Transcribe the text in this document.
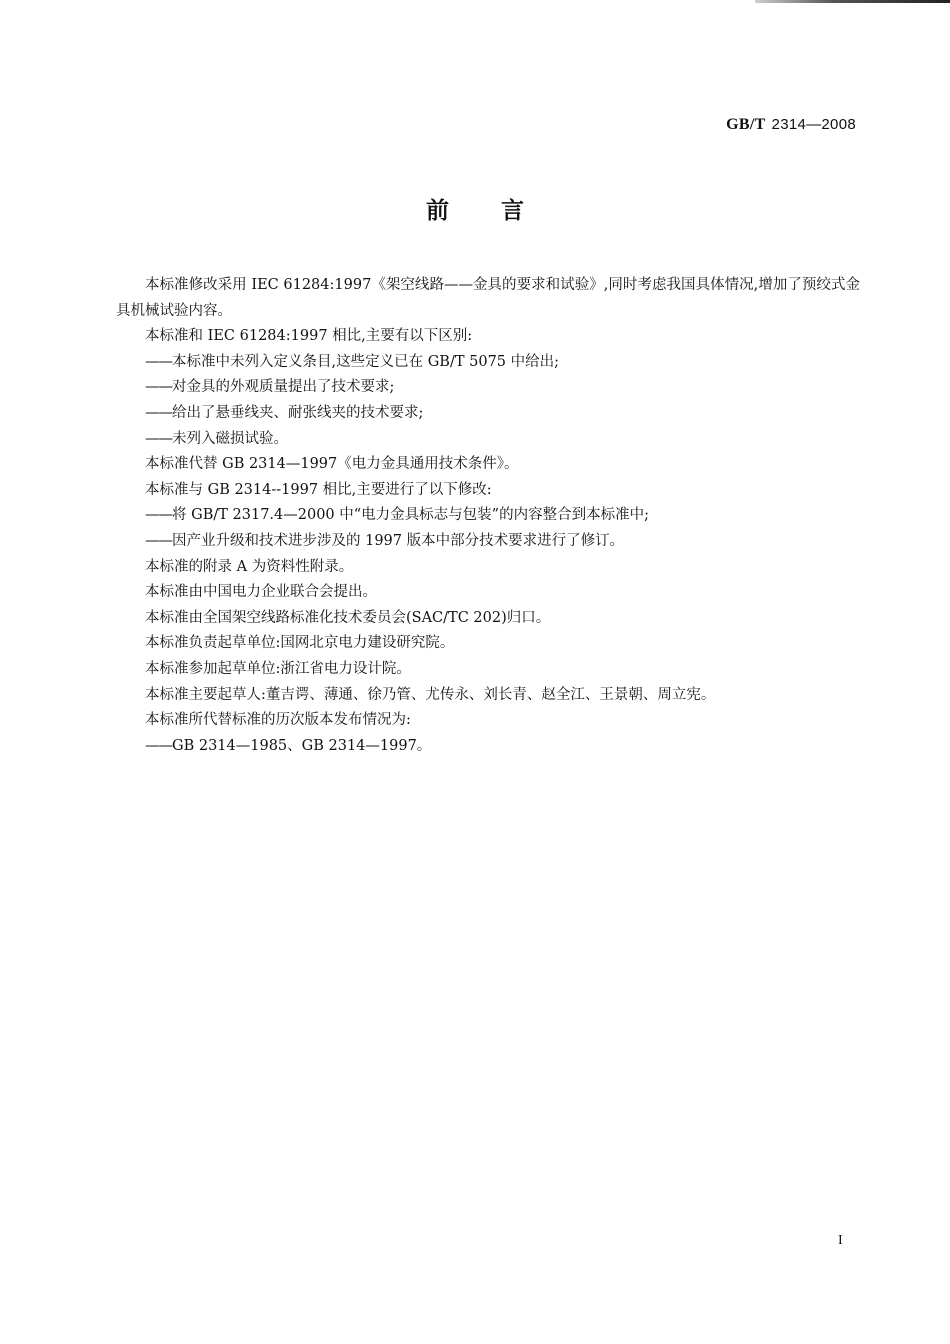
GB/T 2314—2008
前言

本标准修改采用 IEC 61284:1997《架空线路——金具的要求和试验》,同时考虑我国具体情况,增加了预绞式金具机械试验内容。

本标准和 IEC 61284:1997 相比,主要有以下区别:

——本标准中未列入定义条目,这些定义已在 GB/T 5075 中给出;

——对金具的外观质量提出了技术要求;

——给出了悬垂线夹、耐张线夹的技术要求;

——未列入磁损试验。

本标准代替 GB 2314—1997《电力金具通用技术条件》。

本标准与 GB 2314--1997 相比,主要进行了以下修改:

——将 GB/T 2317.4—2000 中“电力金具标志与包装”的内容整合到本标准中;

——因产业升级和技术进步涉及的 1997 版本中部分技术要求进行了修订。

本标准的附录 A 为资料性附录。

本标准由中国电力企业联合会提出。

本标准由全国架空线路标准化技术委员会(SAC/TC 202)归口。

本标准负责起草单位:国网北京电力建设研究院。

本标准参加起草单位:浙江省电力设计院。

本标准主要起草人:董吉谔、薄通、徐乃管、尤传永、刘长青、赵全江、王景朝、周立宪。

本标准所代替标准的历次版本发布情况为:

——GB 2314—1985、GB 2314—1997。

I
